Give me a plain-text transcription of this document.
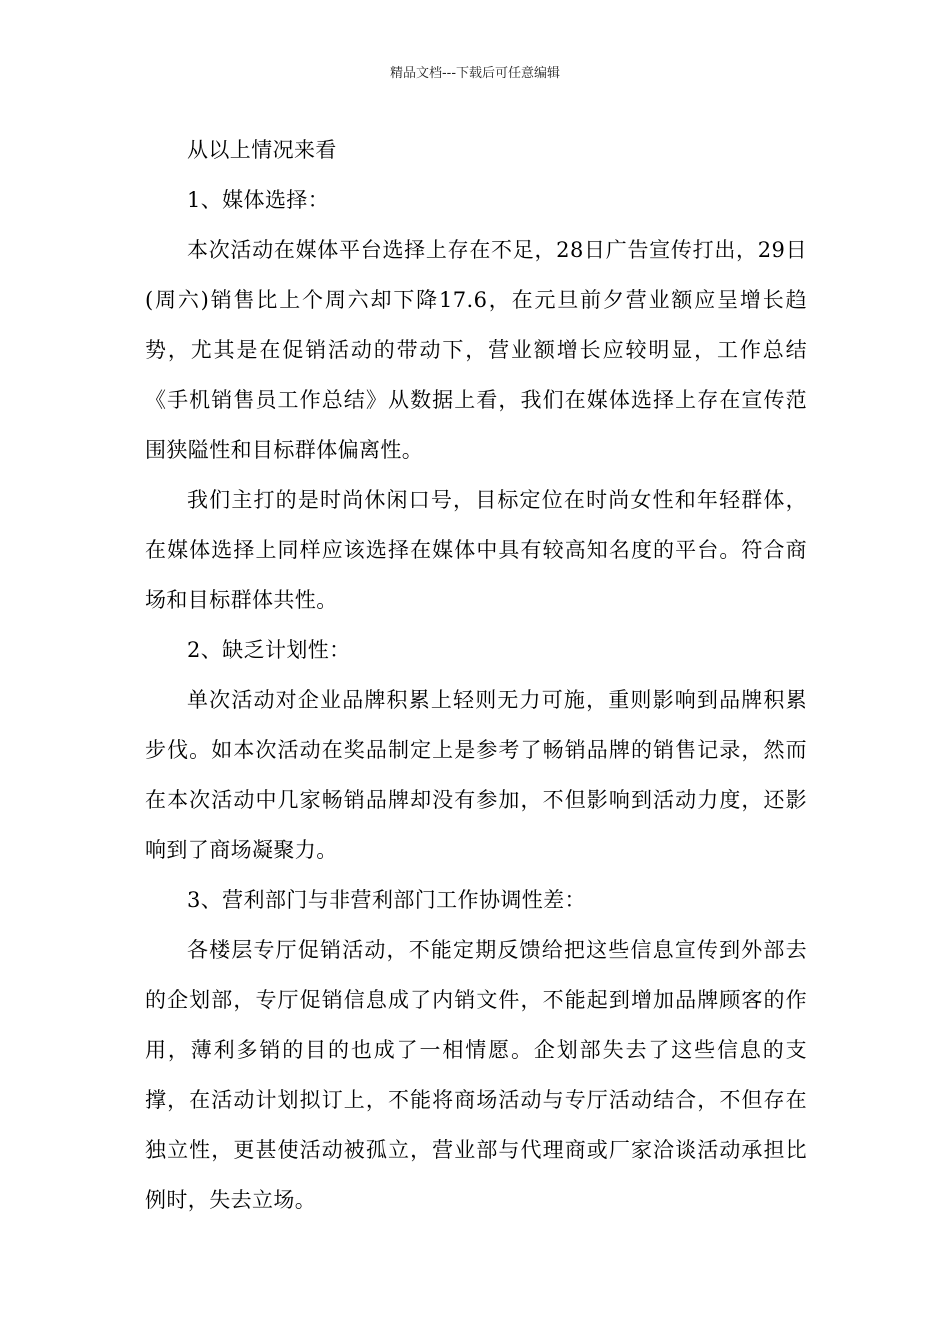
精品文档---下载后可任意编辑

从以上情况来看

1、媒体选择：

本次活动在媒体平台选择上存在不足，28日广告宣传打出，29日(周六)销售比上个周六却下降17.6，在元旦前夕营业额应呈增长趋势，尤其是在促销活动的带动下，营业额增长应较明显，工作总结《手机销售员工作总结》从数据上看，我们在媒体选择上存在宣传范围狭隘性和目标群体偏离性。

我们主打的是时尚休闲口号，目标定位在时尚女性和年轻群体，在媒体选择上同样应该选择在媒体中具有较高知名度的平台。符合商场和目标群体共性。

2、缺乏计划性：

单次活动对企业品牌积累上轻则无力可施，重则影响到品牌积累步伐。如本次活动在奖品制定上是参考了畅销品牌的销售记录，然而在本次活动中几家畅销品牌却没有参加，不但影响到活动力度，还影响到了商场凝聚力。

3、营利部门与非营利部门工作协调性差：

各楼层专厅促销活动，不能定期反馈给把这些信息宣传到外部去的企划部，专厅促销信息成了内销文件，不能起到增加品牌顾客的作用，薄利多销的目的也成了一相情愿。企划部失去了这些信息的支撑，在活动计划拟订上，不能将商场活动与专厅活动结合，不但存在独立性，更甚使活动被孤立，营业部与代理商或厂家洽谈活动承担比例时，失去立场。
